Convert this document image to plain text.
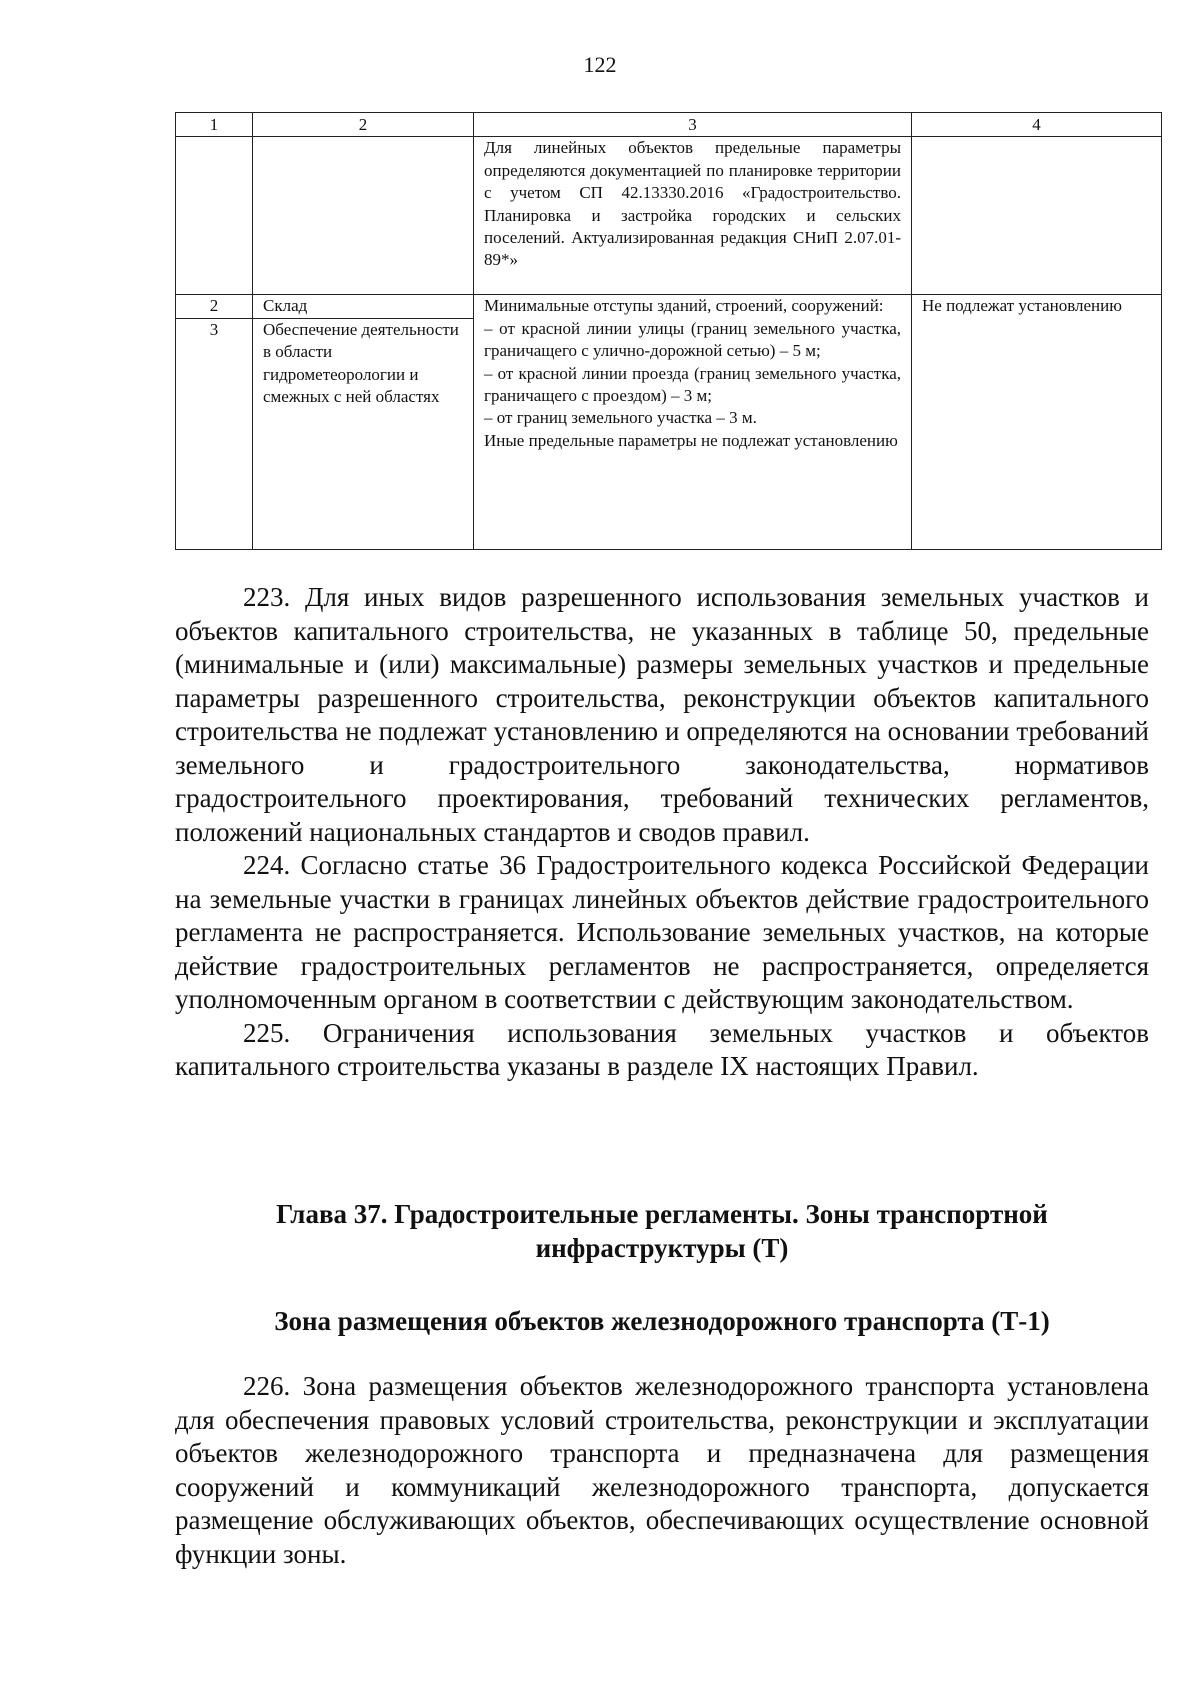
122
1	2	3	4
		Для линейных объектов предельные параметры определяются документацией по планировке территории с учетом СП 42.13330.2016 «Градостроительство. Планировка и застройка городских и сельских поселений. Актуализированная редакция СНиП 2.07.01-89*»	
2	Склад	Минимальные отступы зданий, строений, сооружений:
– от красной линии улицы (границ земельного участка, граничащего с улично-дорожной сетью) – 5 м;
– от красной линии проезда (границ земельного участка, граничащего с проездом) – 3 м;
– от границ земельного участка – 3 м.
Иные предельные параметры не подлежат установлению	Не подлежат установлению
3	Обеспечение деятельности в области гидрометеорологии и смежных с ней областях		

223. Для иных видов разрешенного использования земельных участков и объектов капитального строительства, не указанных в таблице 50, предельные (минимальные и (или) максимальные) размеры земельных участков и предельные параметры разрешенного строительства, реконструкции объектов капитального строительства не подлежат установлению и определяются на основании требований земельного и градостроительного законодательства, нормативов градостроительного проектирования, требований технических регламентов, положений национальных стандартов и сводов правил.

224. Согласно статье 36 Градостроительного кодекса Российской Федерации на земельные участки в границах линейных объектов действие градостроительного регламента не распространяется. Использование земельных участков, на которые действие градостроительных регламентов не распространяется, определяется уполномоченным органом в соответствии с действующим законодательством.

225. Ограничения использования земельных участков и объектов капитального строительства указаны в разделе IX настоящих Правил.

Глава 37. Градостроительные регламенты. Зоны транспортной
инфраструктуры (Т)
Зона размещения объектов железнодорожного транспорта (Т-1)

226. Зона размещения объектов железнодорожного транспорта установлена для обеспечения правовых условий строительства, реконструкции и эксплуатации объектов железнодорожного транспорта и предназначена для размещения сооружений и коммуникаций железнодорожного транспорта, допускается размещение обслуживающих объектов, обеспечивающих осуществление основной функции зоны.
